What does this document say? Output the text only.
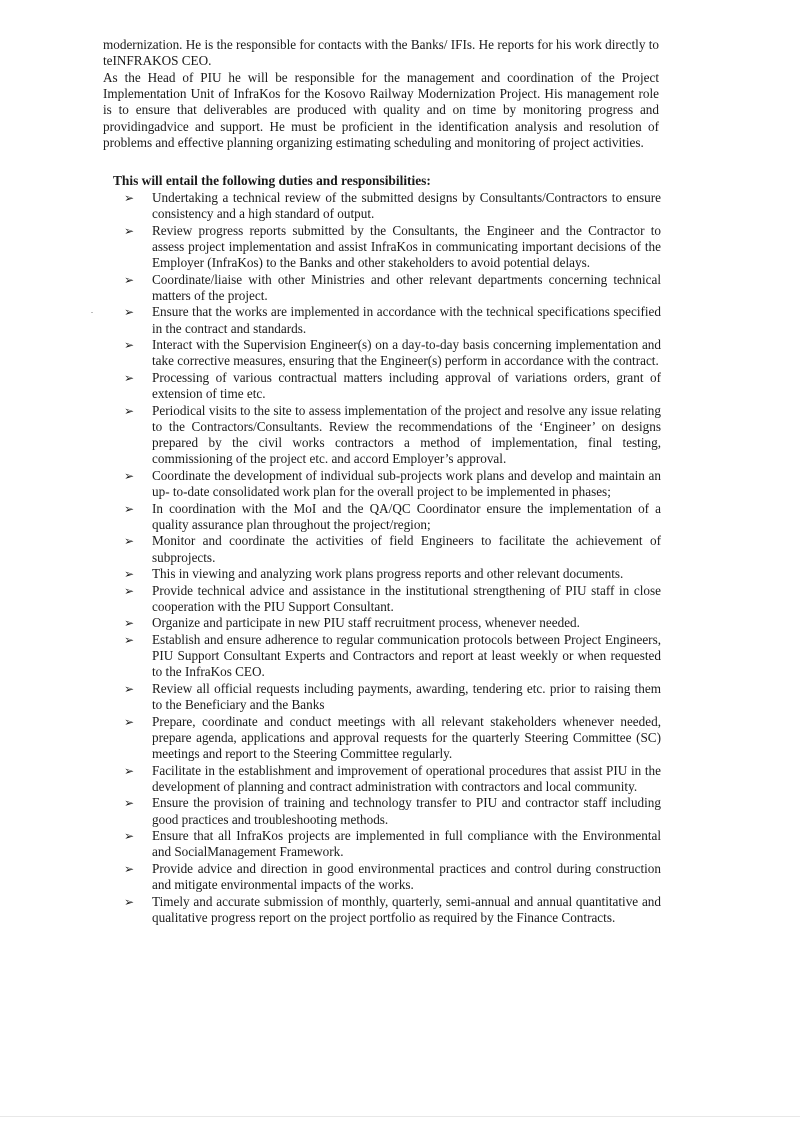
modernization. He is the responsible for contacts with the Banks/ IFIs. He reports for his work directly to teINFRAKOS CEO.

As the Head of PIU he will be responsible for the management and coordination of the Project Implementation Unit of InfraKos for the Kosovo Railway Modernization Project. His management role is to ensure that deliverables are produced with quality and on time by monitoring progress and providingadvice and support. He must be proficient in the identification analysis and resolution of problems and effective planning organizing estimating scheduling and monitoring of project activities.

This will entail the following duties and responsibilities:

➢ Undertaking a technical review of the submitted designs by Consultants/Contractors to ensure consistency and a high standard of output.
➢ Review progress reports submitted by the Consultants, the Engineer and the Contractor to assess project implementation and assist InfraKos in communicating important decisions of the Employer (InfraKos) to the Banks and other stakeholders to avoid potential delays.
➢ Coordinate/liaise with other Ministries and other relevant departments concerning technical matters of the project.
➢ Ensure that the works are implemented in accordance with the technical specifications specified in the contract and standards.
➢ Interact with the Supervision Engineer(s) on a day-to-day basis concerning implementation and take corrective measures, ensuring that the Engineer(s) perform in accordance with the contract.
➢ Processing of various contractual matters including approval of variations orders, grant of extension of time etc.
➢ Periodical visits to the site to assess implementation of the project and resolve any issue relating to the Contractors/Consultants. Review the recommendations of the ‘Engineer’ on designs prepared by the civil works contractors a method of implementation, final testing, commissioning of the project etc. and accord Employer’s approval.
➢ Coordinate the development of individual sub-projects work plans and develop and maintain an up- to-date consolidated work plan for the overall project to be implemented in phases;
➢ In coordination with the MoI and the QA/QC Coordinator ensure the implementation of a quality assurance plan throughout the project/region;
➢ Monitor and coordinate the activities of field Engineers to facilitate the achievement of subprojects.
➢ This in viewing and analyzing work plans progress reports and other relevant documents.
➢ Provide technical advice and assistance in the institutional strengthening of PIU staff in close cooperation with the PIU Support Consultant.
➢ Organize and participate in new PIU staff recruitment process, whenever needed.
➢ Establish and ensure adherence to regular communication protocols between Project Engineers, PIU Support Consultant Experts and Contractors and report at least weekly or when requested to the InfraKos CEO.
➢ Review all official requests including payments, awarding, tendering etc. prior to raising them to the Beneficiary and the Banks
➢ Prepare, coordinate and conduct meetings with all relevant stakeholders whenever needed, prepare agenda, applications and approval requests for the quarterly Steering Committee (SC) meetings and report to the Steering Committee regularly.
➢ Facilitate in the establishment and improvement of operational procedures that assist PIU in the development of planning and contract administration with contractors and local community.
➢ Ensure the provision of training and technology transfer to PIU and contractor staff including good practices and troubleshooting methods.
➢ Ensure that all InfraKos projects are implemented in full compliance with the Environmental and SocialManagement Framework.
➢ Provide advice and direction in good environmental practices and control during construction and mitigate environmental impacts of the works.
➢ Timely and accurate submission of monthly, quarterly, semi-annual and annual quantitative and qualitative progress report on the project portfolio as required by the Finance Contracts.
